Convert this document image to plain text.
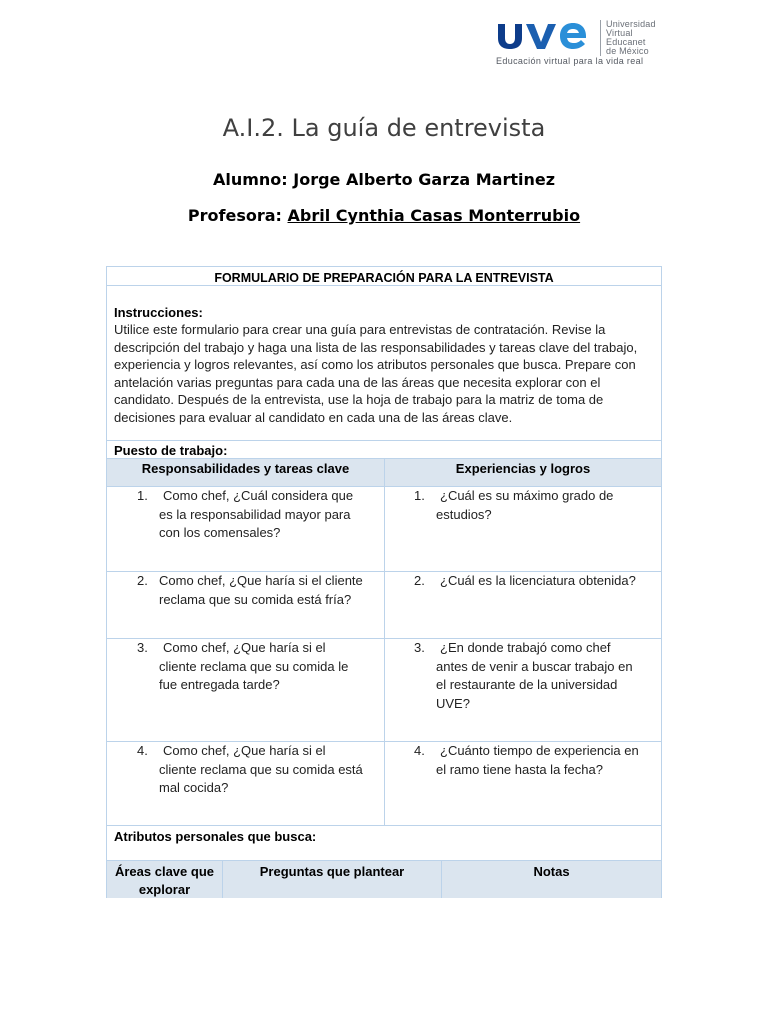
Universidad
Virtual
Educanet
de México
Educación virtual para la vida real
A.I.2. La guía de entrevista
Alumno: Jorge Alberto Garza Martinez
Profesora: Abril Cynthia Casas Monterrubio
FORMULARIO DE PREPARACIÓN PARA LA ENTREVISTA
Instrucciones:
Utilice este formulario para crear una guía para entrevistas de contratación. Revise la descripción del trabajo y haga una lista de las responsabilidades y tareas clave del trabajo, experiencia y logros relevantes, así como los atributos personales que busca. Prepare con antelación varias preguntas para cada una de las áreas que necesita explorar con el candidato. Después de la entrevista, use la hoja de trabajo para la matriz de toma de decisiones para evaluar al candidato en cada una de las áreas clave.
Puesto de trabajo:
Responsabilidades y tareas clave	Experiencias y logros
1. Como chef, ¿Cuál considera que
es la responsabilidad mayor para
con los comensales?
2. Como chef, ¿Que haría si el cliente
reclama que su comida está fría?
3. Como chef, ¿Que haría si el
cliente reclama que su comida le
fue entregada tarde?
4. Como chef, ¿Que haría si el
cliente reclama que su comida está
mal cocida?
1. ¿Cuál es su máximo grado de
estudios?
2. ¿Cuál es la licenciatura obtenida?
3. ¿En donde trabajó como chef
antes de venir a buscar trabajo en
el restaurante de la universidad
UVE?
4. ¿Cuánto tiempo de experiencia en
el ramo tiene hasta la fecha?
Atributos personales que busca:
Áreas clave que explorar
Preguntas que plantear	Notas
